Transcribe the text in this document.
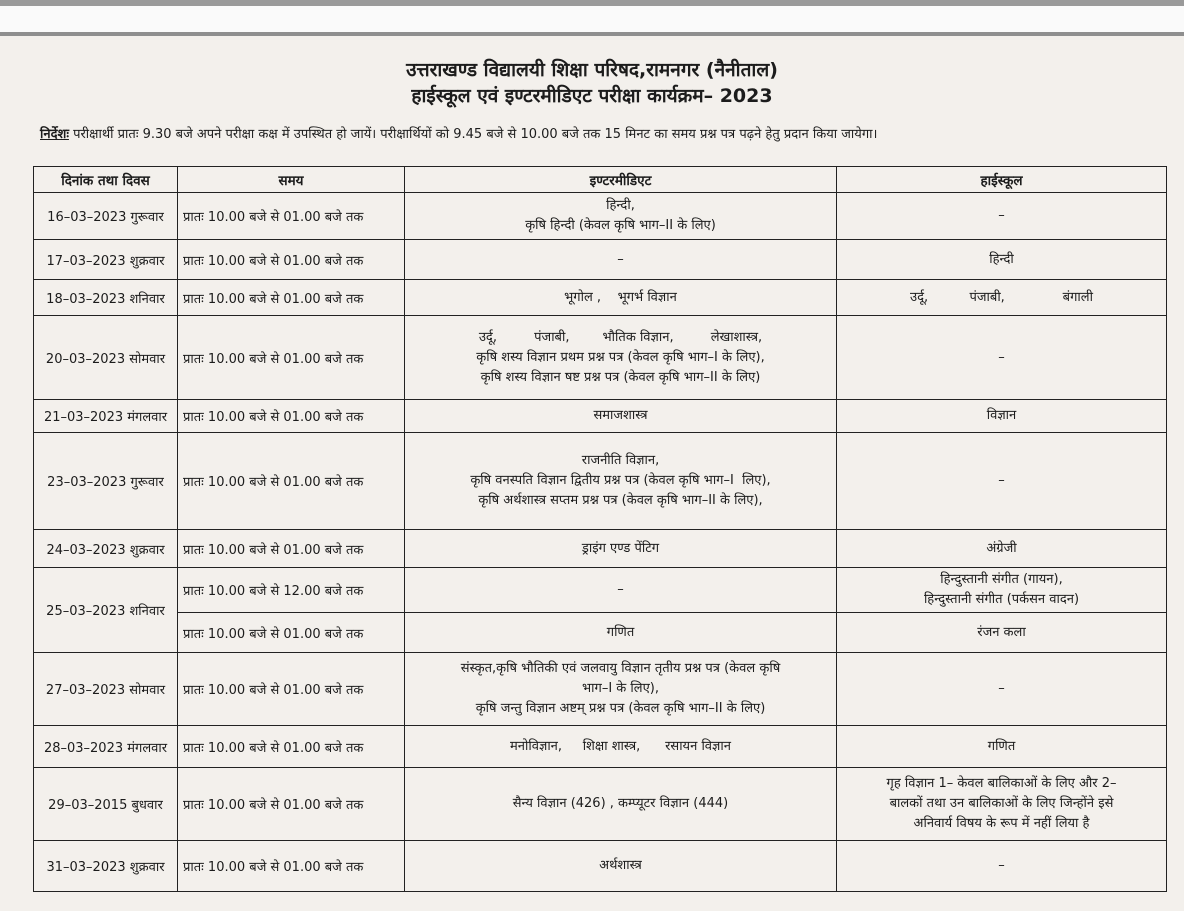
उत्तराखण्ड विद्यालयी शिक्षा परिषद,रामनगर (नैनीताल)
हाईस्कूल एवं इण्टरमीडिएट परीक्षा कार्यक्रम– 2023
निर्देशः परीक्षार्थी प्रातः 9.30 बजे अपने परीक्षा कक्ष में उपस्थित हो जायें। परीक्षार्थियों को 9.45 बजे से 10.00 बजे तक 15 मिनट का समय प्रश्न पत्र पढ़ने हेतु प्रदान किया जायेगा।
दिनांक तथा दिवस	समय	इण्टरमीडिएट	हाईस्कूल
16–03–2023 गुरूवार	प्रातः 10.00 बजे से 01.00 बजे तक	हिन्दी,
कृषि हिन्दी (केवल कृषि भाग–II के लिए)	–

17–03–2023 शुक्रवार	प्रातः 10.00 बजे से 01.00 बजे तक	–	हिन्दी

18–03–2023 शनिवार	प्रातः 10.00 बजे से 01.00 बजे तक	भूगोल ,    भूगर्भ विज्ञान	उर्दू,          पंजाबी,              बंगाली

20–03–2023 सोमवार	प्रातः 10.00 बजे से 01.00 बजे तक	उर्दू,         पंजाबी,        भौतिक विज्ञान,         लेखाशास्त्र,
कृषि शस्य विज्ञान प्रथम प्रश्न पत्र (केवल कृषि भाग–I के लिए),
कृषि शस्य विज्ञान षष्ट प्रश्न पत्र (केवल कृषि भाग–II के लिए)	–

21–03–2023 मंगलवार	प्रातः 10.00 बजे से 01.00 बजे तक	समाजशास्त्र	विज्ञान

23–03–2023 गुरूवार	प्रातः 10.00 बजे से 01.00 बजे तक	राजनीति विज्ञान,
कृषि वनस्पति विज्ञान द्वितीय प्रश्न पत्र (केवल कृषि भाग–I  लिए),
कृषि अर्थशास्त्र सप्तम प्रश्न पत्र (केवल कृषि भाग–II के लिए),	–

24–03–2023 शुक्रवार	प्रातः 10.00 बजे से 01.00 बजे तक	ड्राइंग एण्ड पेंटिग	अंग्रेजी

25–03–2023 शनिवार	प्रातः 10.00 बजे से 12.00 बजे तक	–	हिन्दुस्तानी संगीत (गायन),
हिन्दुस्तानी संगीत (पर्कसन वादन)

	प्रातः 10.00 बजे से 01.00 बजे तक	गणित	रंजन कला

27–03–2023 सोमवार	प्रातः 10.00 बजे से 01.00 बजे तक	संस्कृत,कृषि भौतिकी एवं जलवायु विज्ञान तृतीय प्रश्न पत्र (केवल कृषि
भाग–I के लिए),
कृषि जन्तु विज्ञान अष्टम् प्रश्न पत्र (केवल कृषि भाग–II के लिए)	–

28–03–2023 मंगलवार	प्रातः 10.00 बजे से 01.00 बजे तक	मनोविज्ञान,     शिक्षा शास्त्र,      रसायन विज्ञान	गणित

29–03–2015 बुधवार	प्रातः 10.00 बजे से 01.00 बजे तक	सैन्य विज्ञान (426) , कम्प्यूटर विज्ञान (444)	गृह विज्ञान 1– केवल बालिकाओं के लिए और 2–
बालकों तथा उन बालिकाओं के लिए जिन्होंने इसे
अनिवार्य विषय के रूप में नहीं लिया है

31–03–2023 शुक्रवार	प्रातः 10.00 बजे से 01.00 बजे तक	अर्थशास्त्र	–
